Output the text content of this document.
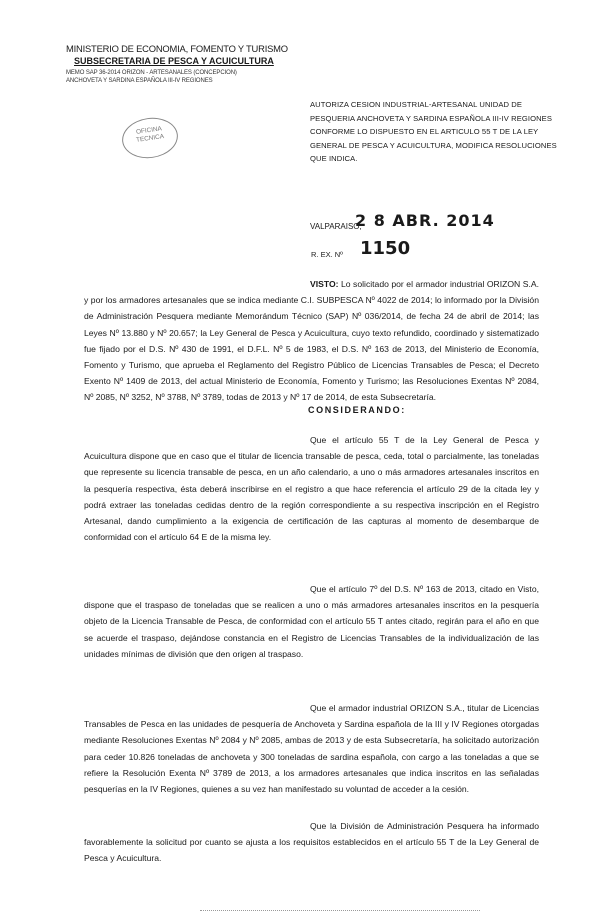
MINISTERIO DE ECONOMIA, FOMENTO Y TURISMO
SUBSECRETARIA DE PESCA Y ACUICULTURA
MEMO SAP 36-2014 ORIZON - ARTESANALES (CONCEPCION)
ANCHOVETA Y SARDINA ESPAÑOLA III-IV REGIONES
OFICINA
TECNICA
AUTORIZA CESION INDUSTRIAL-ARTESANAL UNIDAD DE PESQUERIA ANCHOVETA Y SARDINA ESPAÑOLA III-IV REGIONES CONFORME LO DISPUESTO EN EL ARTICULO 55 T DE LA LEY GENERAL DE PESCA Y ACUICULTURA, MODIFICA RESOLUCIONES QUE INDICA.
VALPARAISO,
2 8 ABR. 2014
R. EX. Nº 1150
VISTO: Lo solicitado por el armador industrial ORIZON S.A. y por los armadores artesanales que se indica mediante C.I. SUBPESCA Nº 4022 de 2014; lo informado por la División de Administración Pesquera mediante Memorándum Técnico (SAP) Nº 036/2014, de fecha 24 de abril de 2014; las Leyes Nº 13.880 y Nº 20.657; la Ley General de Pesca y Acuicultura, cuyo texto refundido, coordinado y sistematizado fue fijado por el D.S. Nº 430 de 1991, el D.F.L. Nº 5 de 1983, el D.S. Nº 163 de 2013, del Ministerio de Economía, Fomento y Turismo, que aprueba el Reglamento del Registro Público de Licencias Transables de Pesca; el Decreto Exento Nº 1409 de 2013, del actual Ministerio de Economía, Fomento y Turismo; las Resoluciones Exentas Nº 2084, Nº 2085, Nº 3252, Nº 3788, Nº 3789, todas de 2013 y Nº 17 de 2014, de esta Subsecretaría.
CONSIDERANDO:
Que el artículo 55 T de la Ley General de Pesca y Acuicultura dispone que en caso que el titular de licencia transable de pesca, ceda, total o parcialmente, las toneladas que represente su licencia transable de pesca, en un año calendario, a uno o más armadores artesanales inscritos en la pesquería respectiva, ésta deberá inscribirse en el registro a que hace referencia el artículo 29 de la citada ley y podrá extraer las toneladas cedidas dentro de la región correspondiente a su respectiva inscripción en el Registro Artesanal, dando cumplimiento a la exigencia de certificación de las capturas al momento de desembarque de conformidad con el artículo 64 E de la misma ley.
Que el artículo 7º del D.S. Nº 163 de 2013, citado en Visto, dispone que el traspaso de toneladas que se realicen a uno o más armadores artesanales inscritos en la pesquería objeto de la Licencia Transable de Pesca, de conformidad con el artículo 55 T antes citado, regirán para el año en que se acuerde el traspaso, dejándose constancia en el Registro de Licencias Transables de la individualización de las unidades mínimas de división que den origen al traspaso.
Que el armador industrial ORIZON S.A., titular de Licencias Transables de Pesca en las unidades de pesquería de Anchoveta y Sardina española de la III y IV Regiones otorgadas mediante Resoluciones Exentas Nº 2084 y Nº 2085, ambas de 2013 y de esta Subsecretaría, ha solicitado autorización para ceder 10.826 toneladas de anchoveta y 300 toneladas de sardina española, con cargo a las toneladas a que se refiere la Resolución Exenta Nº 3789 de 2013, a los armadores artesanales que indica inscritos en las señaladas pesquerías en la IV Regiones, quienes a su vez han manifestado su voluntad de acceder a la cesión.
Que la División de Administración Pesquera ha informado favorablemente la solicitud por cuanto se ajusta a los requisitos establecidos en el artículo 55 T de la Ley General de Pesca y Acuicultura.
